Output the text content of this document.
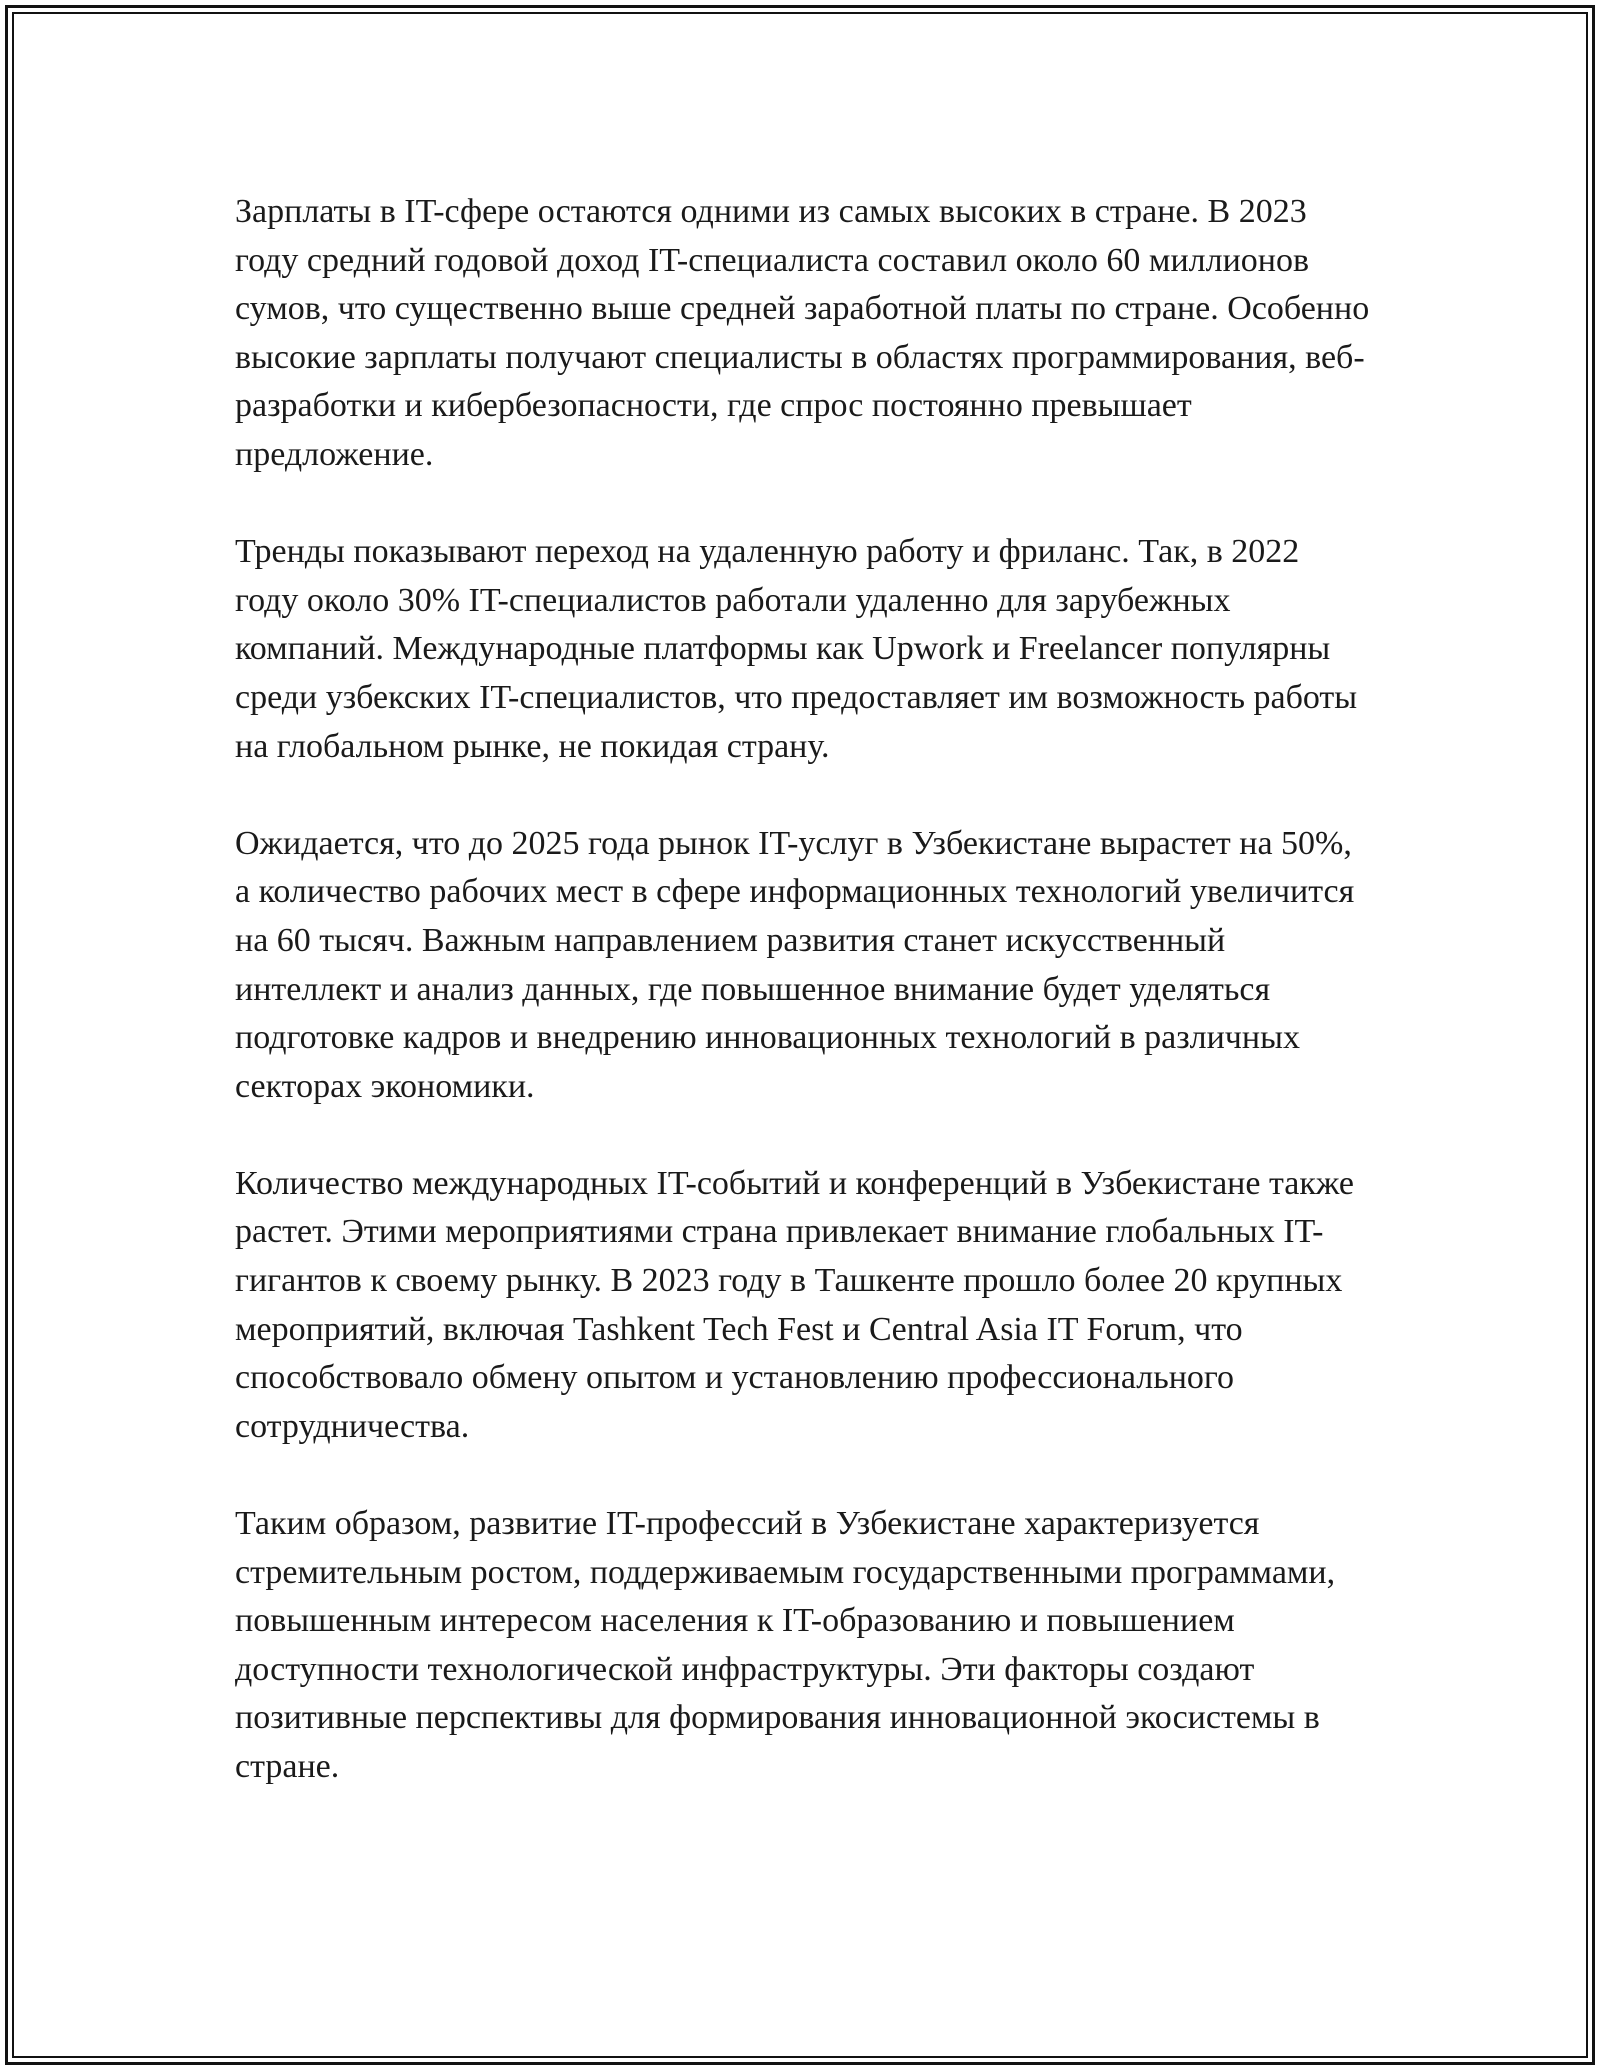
Зарплаты в IT-сфере остаются одними из самых высоких в стране. В 2023 году средний годовой доход IT-специалиста составил около 60 миллионов сумов, что существенно выше средней заработной платы по стране. Особенно высокие зарплаты получают специалисты в областях программирования, веб-разработки и кибербезопасности, где спрос постоянно превышает предложение.

Тренды показывают переход на удаленную работу и фриланс. Так, в 2022 году около 30% IT-специалистов работали удаленно для зарубежных компаний. Международные платформы как Upwork и Freelancer популярны среди узбекских IT-специалистов, что предоставляет им возможность работы на глобальном рынке, не покидая страну.

Ожидается, что до 2025 года рынок IT-услуг в Узбекистане вырастет на 50%, а количество рабочих мест в сфере информационных технологий увеличится на 60 тысяч. Важным направлением развития станет искусственный интеллект и анализ данных, где повышенное внимание будет уделяться подготовке кадров и внедрению инновационных технологий в различных секторах экономики.

Количество международных IT-событий и конференций в Узбекистане также растет. Этими мероприятиями страна привлекает внимание глобальных IT-гигантов к своему рынку. В 2023 году в Ташкенте прошло более 20 крупных мероприятий, включая Tashkent Tech Fest и Central Asia IT Forum, что способствовало обмену опытом и установлению профессионального сотрудничества.

Таким образом, развитие IT-профессий в Узбекистане характеризуется стремительным ростом, поддерживаемым государственными программами, повышенным интересом населения к IT-образованию и повышением доступности технологической инфраструктуры. Эти факторы создают позитивные перспективы для формирования инновационной экосистемы в стране.
